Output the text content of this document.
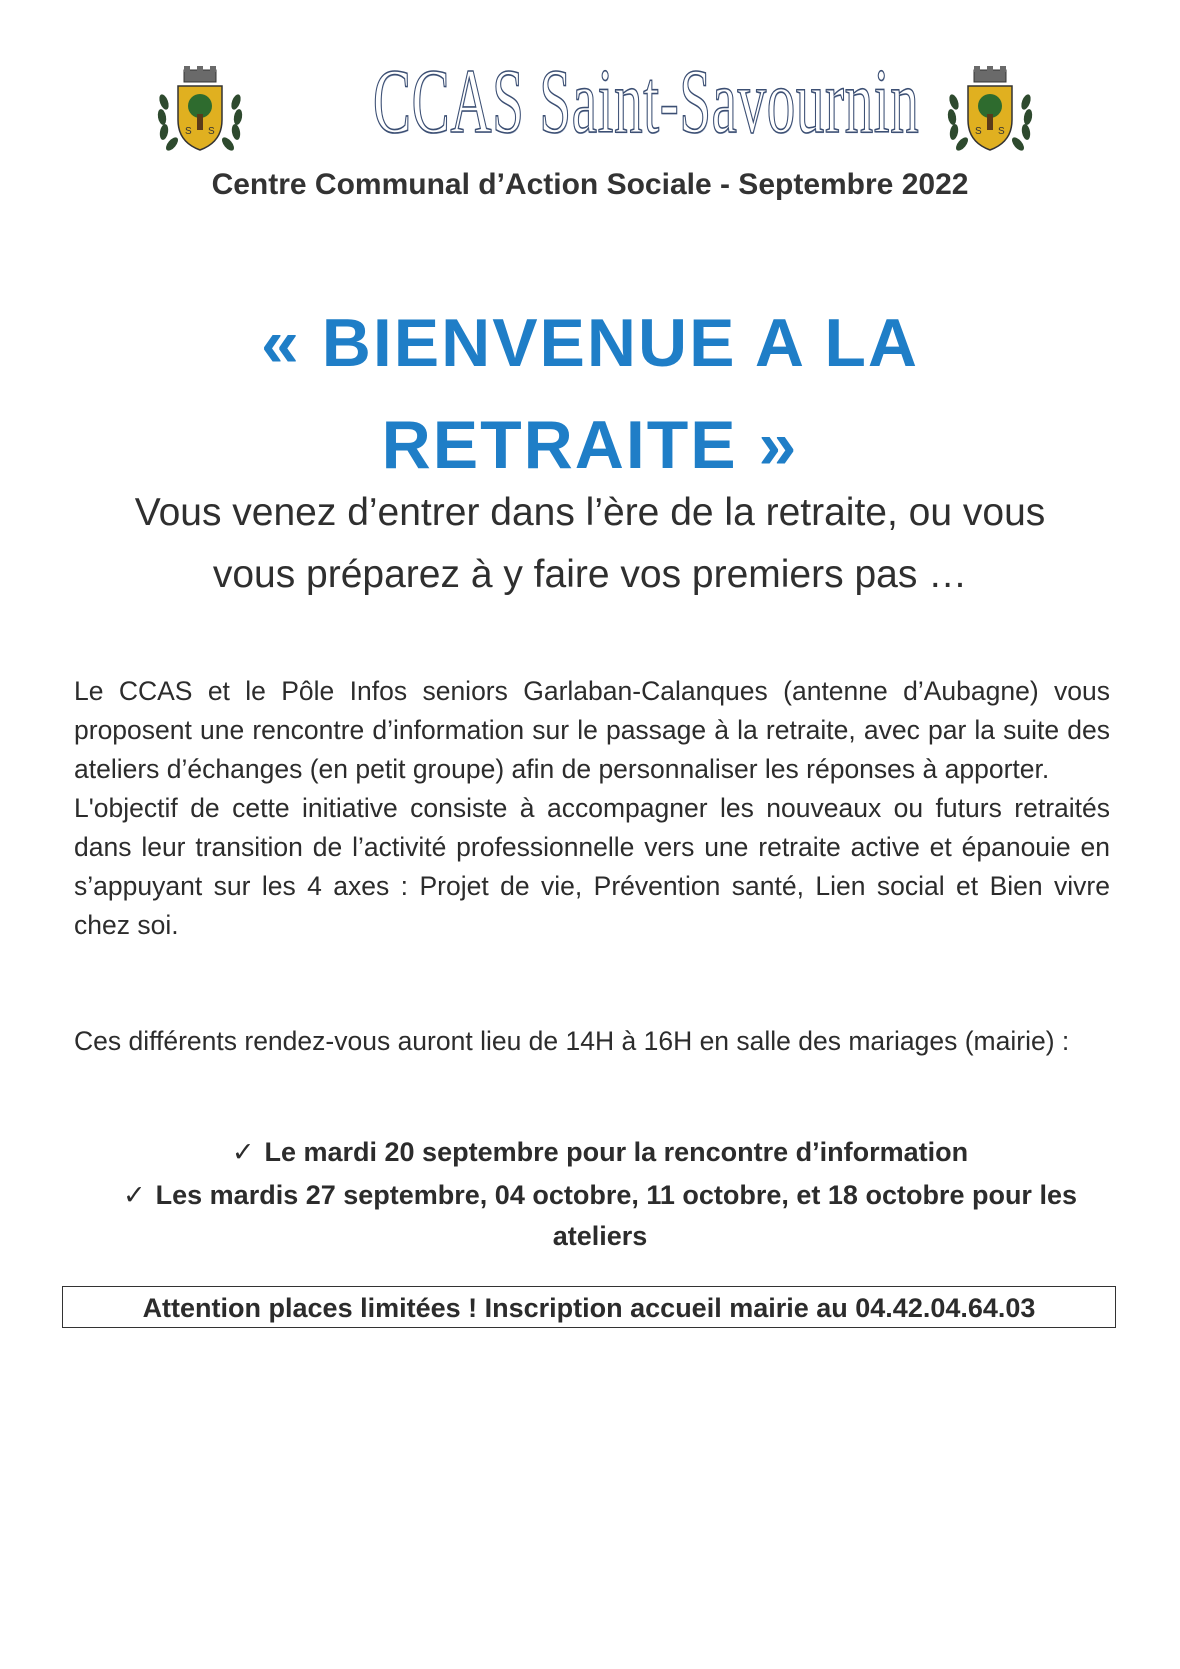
S S CCAS Saint-Savournin	S S
Centre Communal d’Action Sociale - Septembre 2022
« BIENVENUE A LA
RETRAITE »
Vous venez d’entrer dans l’ère de la retraite, ou vous
vous préparez à y faire vos premiers pas …

Le CCAS et le Pôle Infos seniors Garlaban-Calanques (antenne d’Aubagne) vous proposent une rencontre d’information sur le passage à la retraite, avec par la suite des ateliers d’échanges (en petit groupe) afin de personnaliser les réponses à apporter.

L'objectif de cette initiative consiste à accompagner les nouveaux ou futurs retraités dans leur transition de l’activité professionnelle vers une retraite active et épanouie en s’appuyant sur les 4 axes : Projet de vie, Prévention santé, Lien social et Bien vivre chez soi.

Ces différents rendez-vous auront lieu de 14H à 16H en salle des mariages (mairie) :

✓ Le mardi 20 septembre pour la rencontre d’information
✓ Les mardis 27 septembre, 04 octobre, 11 octobre, et 18 octobre pour les ateliers
Attention places limitées ! Inscription accueil mairie au 04.42.04.64.03
